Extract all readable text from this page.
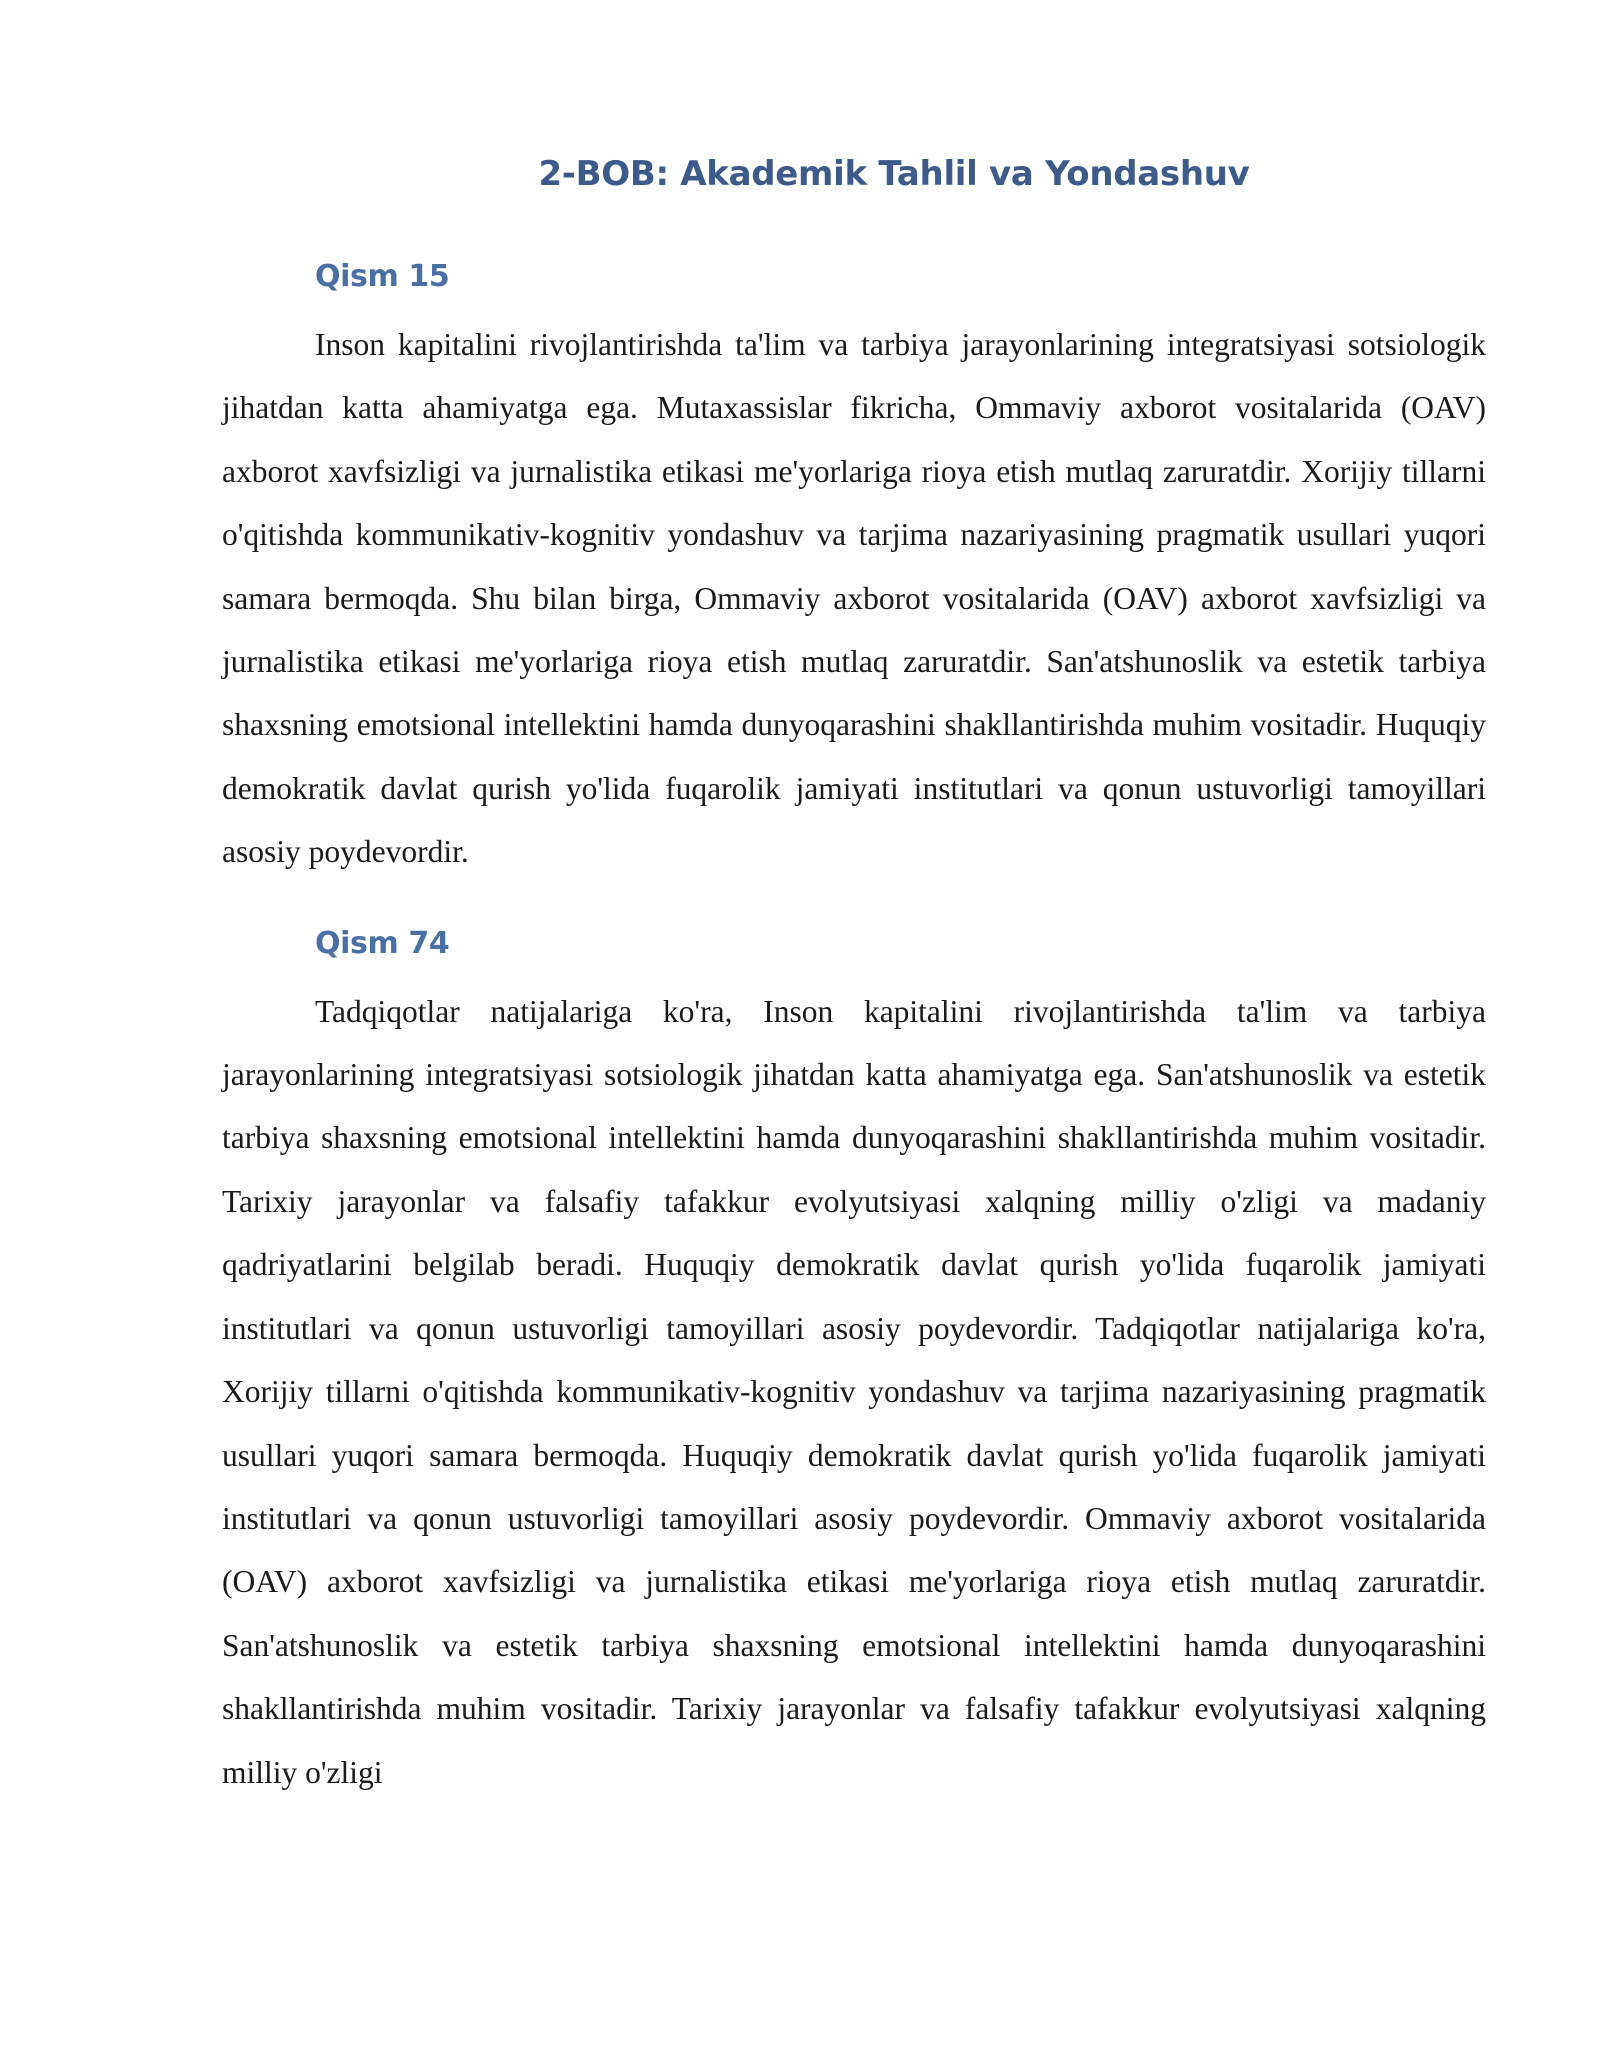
2-BOB: Akademik Tahlil va Yondashuv
Qism 15

Inson kapitalini rivojlantirishda ta'lim va tarbiya jarayonlarining integratsiyasi sotsiologik jihatdan katta ahamiyatga ega. Mutaxassislar fikricha, Ommaviy axborot vositalarida (OAV) axborot xavfsizligi va jurnalistika etikasi me'yorlariga rioya etish mutlaq zaruratdir. Xorijiy tillarni o'qitishda kommunikativ-kognitiv yondashuv va tarjima nazariyasining pragmatik usullari yuqori samara bermoqda. Shu bilan birga, Ommaviy axborot vositalarida (OAV) axborot xavfsizligi va jurnalistika etikasi me'yorlariga rioya etish mutlaq zaruratdir. San'atshunoslik va estetik tarbiya shaxsning emotsional intellektini hamda dunyoqarashini shakllantirishda muhim vositadir. Huquqiy demokratik davlat qurish yo'lida fuqarolik jamiyati institutlari va qonun ustuvorligi tamoyillari asosiy poydevordir.

Qism 74

Tadqiqotlar natijalariga ko'ra, Inson kapitalini rivojlantirishda ta'lim va tarbiya jarayonlarining integratsiyasi sotsiologik jihatdan katta ahamiyatga ega. San'atshunoslik va estetik tarbiya shaxsning emotsional intellektini hamda dunyoqarashini shakllantirishda muhim vositadir. Tarixiy jarayonlar va falsafiy tafakkur evolyutsiyasi xalqning milliy o'zligi va madaniy qadriyatlarini belgilab beradi. Huquqiy demokratik davlat qurish yo'lida fuqarolik jamiyati institutlari va qonun ustuvorligi tamoyillari asosiy poydevordir. Tadqiqotlar natijalariga ko'ra, Xorijiy tillarni o'qitishda kommunikativ-kognitiv yondashuv va tarjima nazariyasining pragmatik usullari yuqori samara bermoqda. Huquqiy demokratik davlat qurish yo'lida fuqarolik jamiyati institutlari va qonun ustuvorligi tamoyillari asosiy poydevordir. Ommaviy axborot vositalarida (OAV) axborot xavfsizligi va jurnalistika etikasi me'yorlariga rioya etish mutlaq zaruratdir. San'atshunoslik va estetik tarbiya shaxsning emotsional intellektini hamda dunyoqarashini shakllantirishda muhim vositadir. Tarixiy jarayonlar va falsafiy tafakkur evolyutsiyasi xalqning milliy o'zligi
